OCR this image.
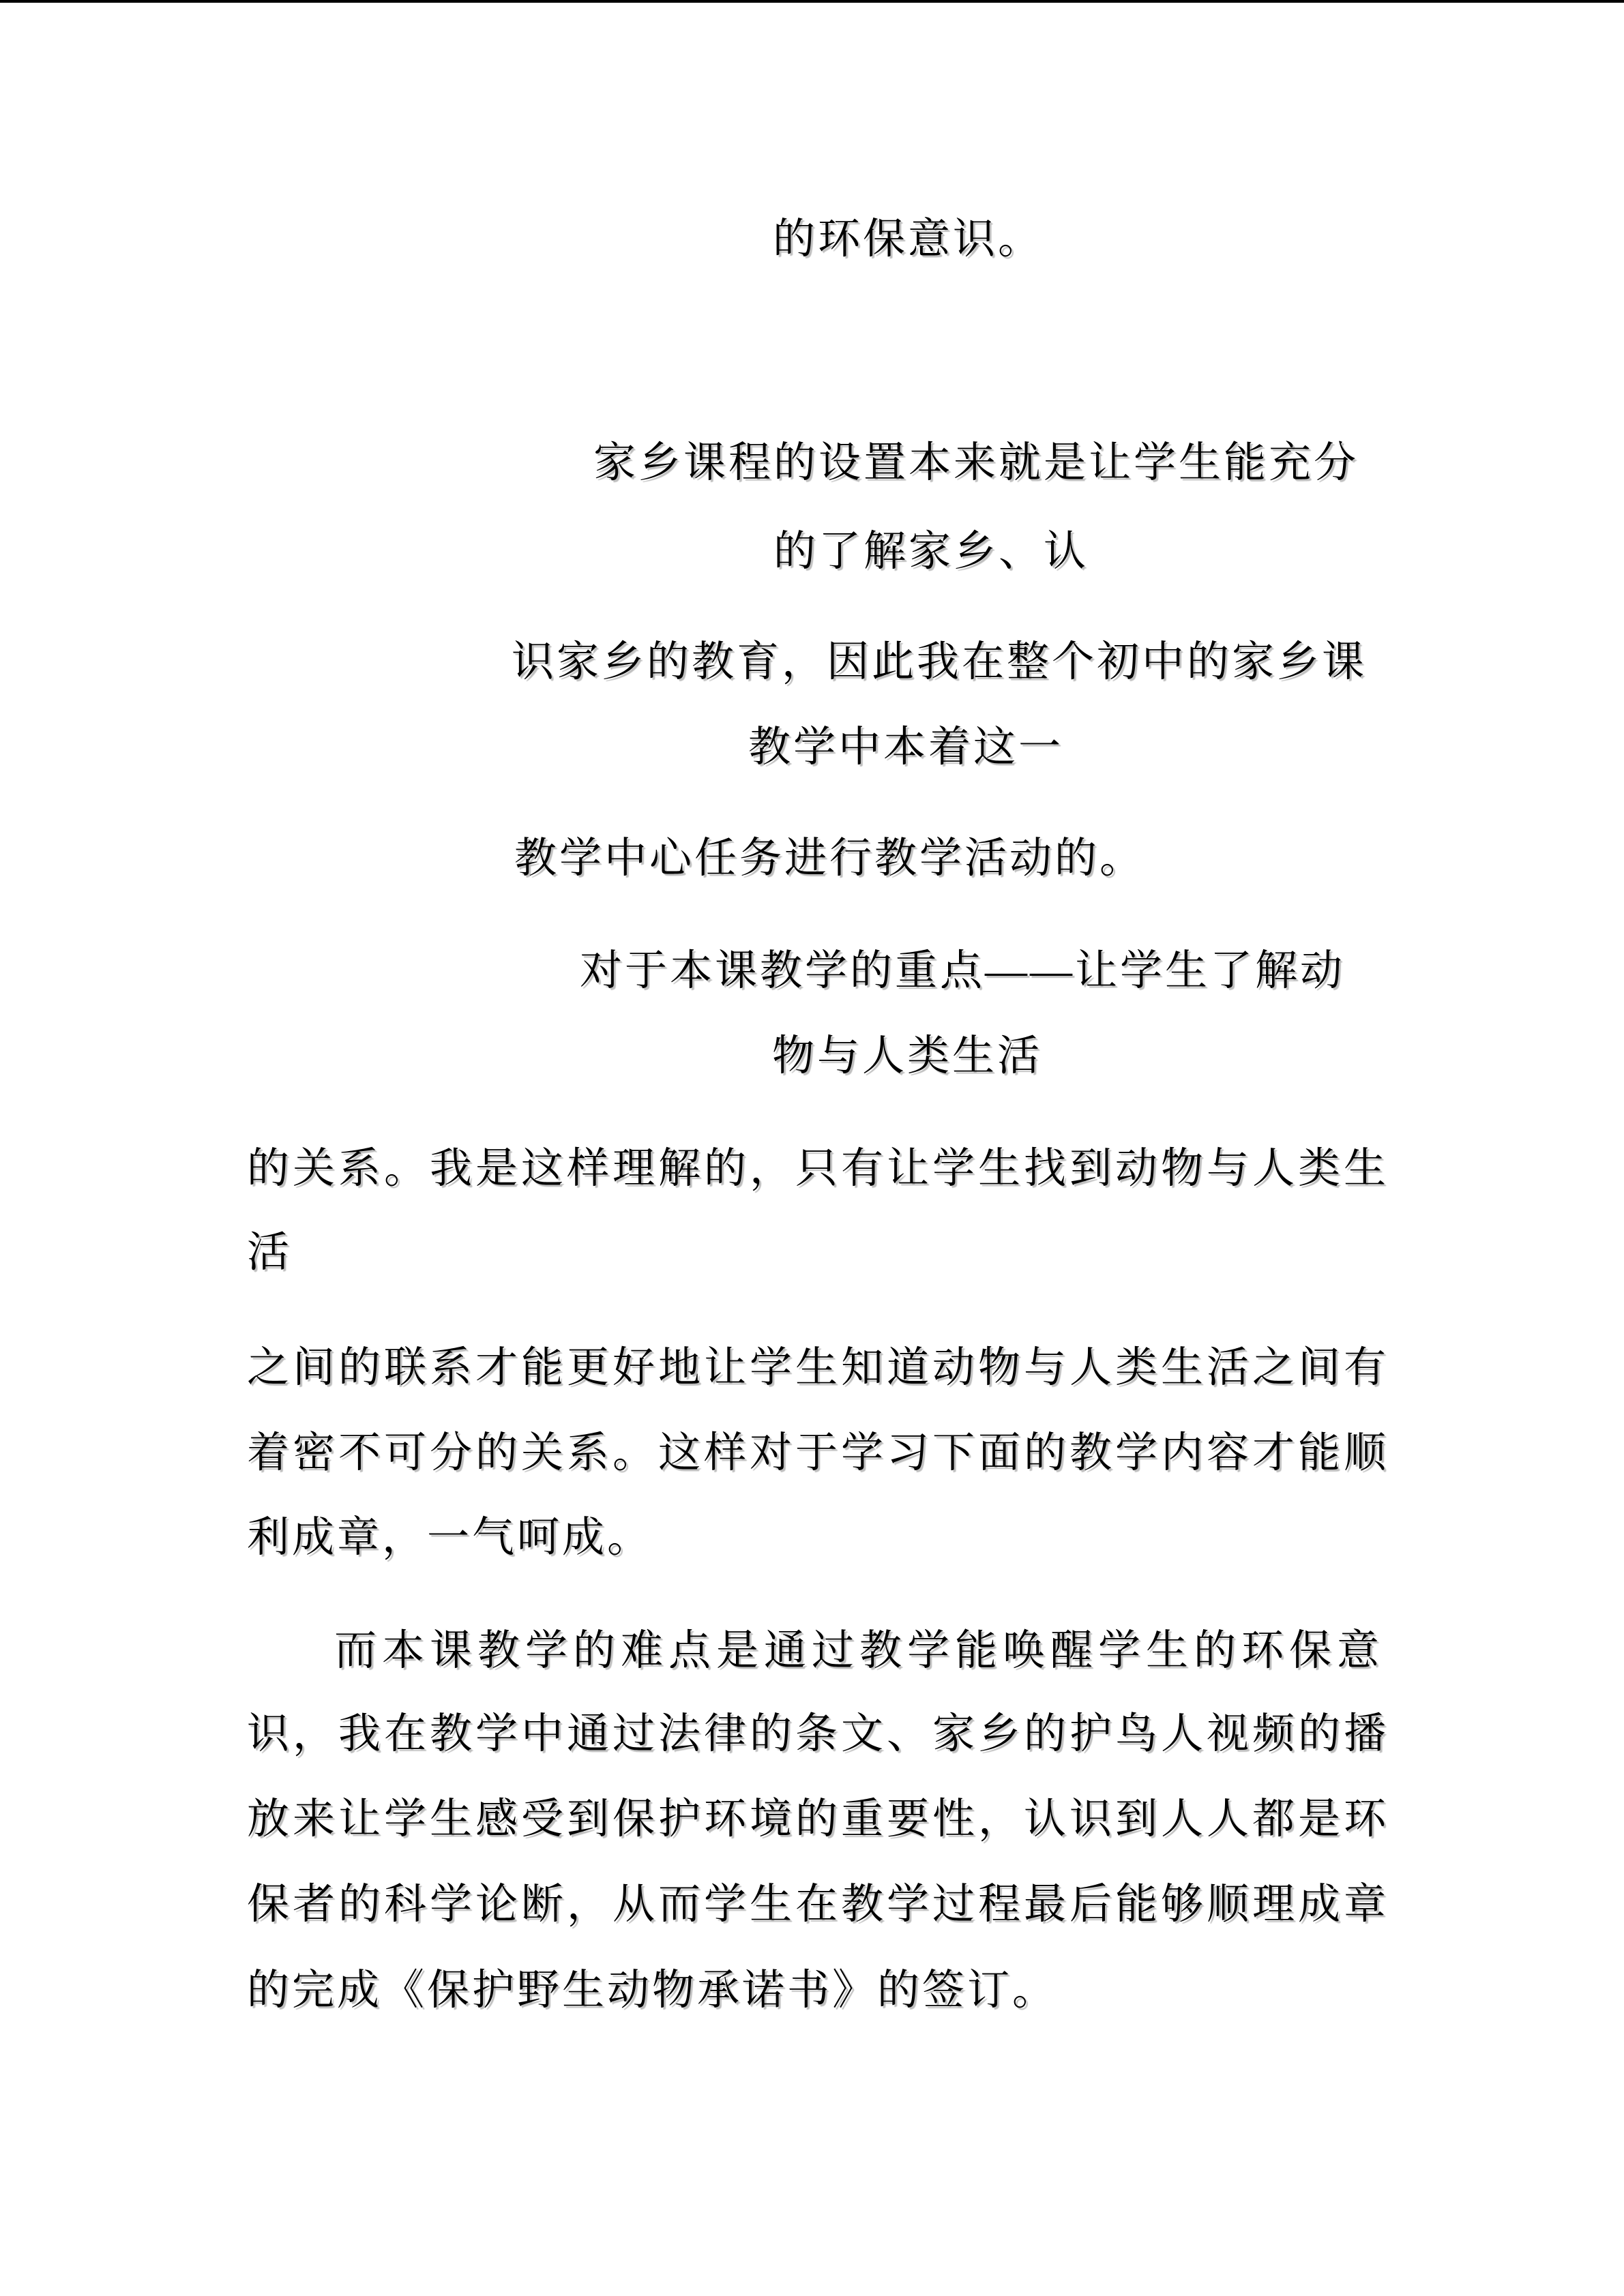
的环保意识。
家乡课程的设置本来就是让学生能充分
的了解家乡、认
识家乡的教育，因此我在整个初中的家乡课
教学中本着这一
教学中心任务进行教学活动的。
对于本课教学的重点——让学生了解动
物与人类生活
的关系。我是这样理解的，只有让学生找到动物与人类生
活
之间的联系才能更好地让学生知道动物与人类生活之间有
着密不可分的关系。这样对于学习下面的教学内容才能顺
利成章，一气呵成。
而本课教学的难点是通过教学能唤醒学生的环保意
识，我在教学中通过法律的条文、家乡的护鸟人视频的播
放来让学生感受到保护环境的重要性，认识到人人都是环
保者的科学论断，从而学生在教学过程最后能够顺理成章
的完成《保护野生动物承诺书》的签订。
